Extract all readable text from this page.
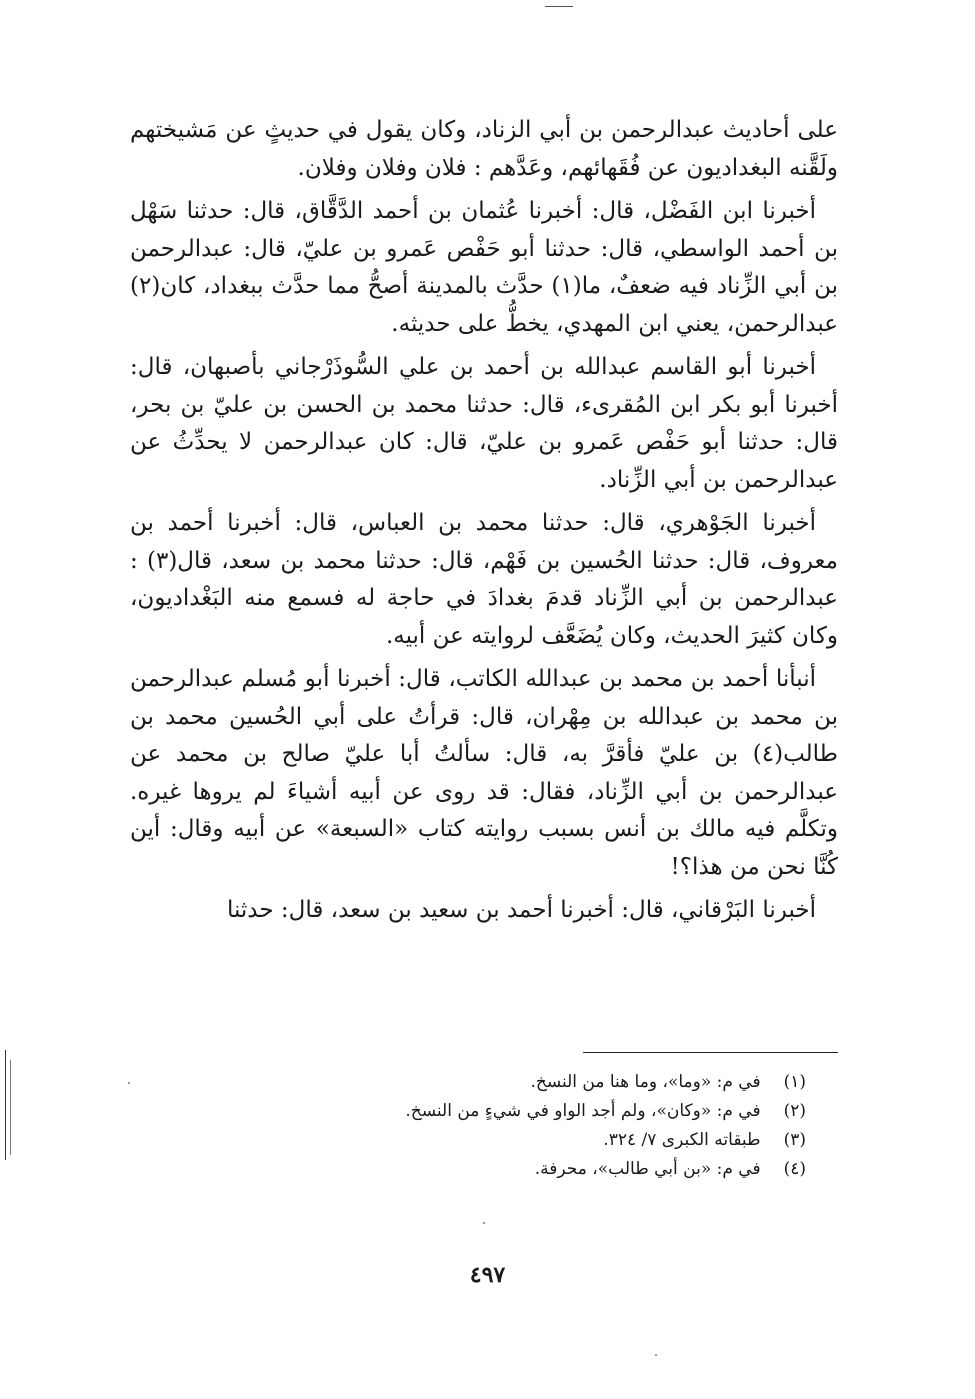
على أحاديث عبدالرحمن بن أبي الزناد، وكان يقول في حديثٍ عن مَشيختهم ولَقَّنه البغداديون عن فُقَهائهم، وعَدَّهم : فلان وفلان وفلان.

أخبرنا ابن الفَضْل، قال: أخبرنا عُثمان بن أحمد الدَّقَّاق، قال: حدثنا سَهْل بن أحمد الواسطي، قال: حدثنا أبو حَفْص عَمرو بن عليّ، قال: عبدالرحمن بن أبي الزِّناد فيه ضعفٌ، ما(١) حدَّث بالمدينة أصحُّ مما حدَّث ببغداد، كان(٢) عبدالرحمن، يعني ابن المهدي، يخطُّ على حديثه.

أخبرنا أبو القاسم عبدالله بن أحمد بن علي السُّوذَرْجاني بأصبهان، قال: أخبرنا أبو بكر ابن المُقرىء، قال: حدثنا محمد بن الحسن بن عليّ بن بحر، قال: حدثنا أبو حَفْص عَمرو بن عليّ، قال: كان عبدالرحمن لا يحدِّثُ عن عبدالرحمن بن أبي الزِّناد.

أخبرنا الجَوْهري، قال: حدثنا محمد بن العباس، قال: أخبرنا أحمد بن معروف، قال: حدثنا الحُسين بن فَهْم، قال: حدثنا محمد بن سعد، قال(٣) : عبدالرحمن بن أبي الزِّناد قدمَ بغدادَ في حاجة له فسمع منه البَغْداديون، وكان كثيرَ الحديث، وكان يُضَعَّف لروايته عن أبيه.

أنبأنا أحمد بن محمد بن عبدالله الكاتب، قال: أخبرنا أبو مُسلم عبدالرحمن بن محمد بن عبدالله بن مِهْران، قال: قرأتُ على أبي الحُسين محمد بن طالب(٤) بن عليّ فأقرَّ به، قال: سألتُ أبا عليّ صالح بن محمد عن عبدالرحمن بن أبي الزِّناد، فقال: قد روى عن أبيه أشياءَ لم يروها غيره. وتكلَّم فيه مالك بن أنس بسبب روايته كتاب «السبعة» عن أبيه وقال: أين كُنَّا نحن من هذا؟!

أخبرنا البَرْقاني، قال: أخبرنا أحمد بن سعيد بن سعد، قال: حدثنا

(١) في م: «وما»، وما هنا من النسخ.
(٢) في م: «وكان»، ولم أجد الواو في شيءٍ من النسخ.
(٣) طبقاته الكبرى ٧/ ٣٢٤.
(٤) في م: «بن أبي طالب»، محرفة.
٤٩٧
